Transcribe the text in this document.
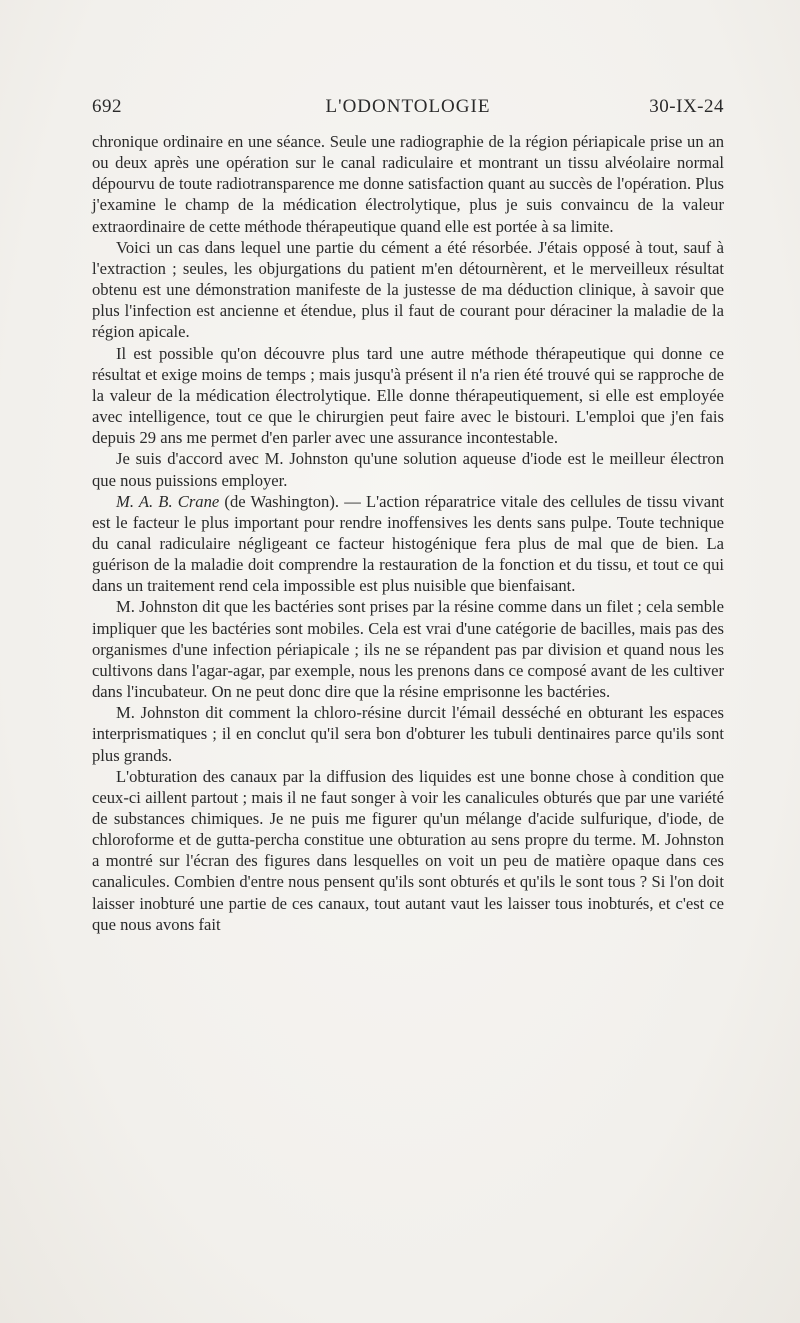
692	L'ODONTOLOGIE	30-IX-24

chronique ordinaire en une séance. Seule une radiographie de la région périapicale prise un an ou deux après une opération sur le canal radiculaire et montrant un tissu alvéolaire normal dépourvu de toute radiotransparence me donne satisfaction quant au succès de l'opération. Plus j'examine le champ de la médication électrolytique, plus je suis convaincu de la valeur extraordinaire de cette méthode thérapeutique quand elle est portée à sa limite.

Voici un cas dans lequel une partie du cément a été résorbée. J'étais opposé à tout, sauf à l'extraction ; seules, les objurgations du patient m'en détournèrent, et le merveilleux résultat obtenu est une démonstration manifeste de la justesse de ma déduction clinique, à savoir que plus l'infection est ancienne et étendue, plus il faut de courant pour déraciner la maladie de la région apicale.

Il est possible qu'on découvre plus tard une autre méthode thérapeutique qui donne ce résultat et exige moins de temps ; mais jusqu'à présent il n'a rien été trouvé qui se rapproche de la valeur de la médication électrolytique. Elle donne thérapeutiquement, si elle est employée avec intelligence, tout ce que le chirurgien peut faire avec le bistouri. L'emploi que j'en fais depuis 29 ans me permet d'en parler avec une assurance incontestable.

Je suis d'accord avec M. Johnston qu'une solution aqueuse d'iode est le meilleur électron que nous puissions employer.

M. A. B. Crane (de Washington). — L'action réparatrice vitale des cellules de tissu vivant est le facteur le plus important pour rendre inoffensives les dents sans pulpe. Toute technique du canal radiculaire négligeant ce facteur histogénique fera plus de mal que de bien. La guérison de la maladie doit comprendre la restauration de la fonction et du tissu, et tout ce qui dans un traitement rend cela impossible est plus nuisible que bienfaisant.

M. Johnston dit que les bactéries sont prises par la résine comme dans un filet ; cela semble impliquer que les bactéries sont mobiles. Cela est vrai d'une catégorie de bacilles, mais pas des organismes d'une infection périapicale ; ils ne se répandent pas par division et quand nous les cultivons dans l'agar-agar, par exemple, nous les prenons dans ce composé avant de les cultiver dans l'incubateur. On ne peut donc dire que la résine emprisonne les bactéries.

M. Johnston dit comment la chloro-résine durcit l'émail desséché en obturant les espaces interprismatiques ; il en conclut qu'il sera bon d'obturer les tubuli dentinaires parce qu'ils sont plus grands.

L'obturation des canaux par la diffusion des liquides est une bonne chose à condition que ceux-ci aillent partout ; mais il ne faut songer à voir les canalicules obturés que par une variété de substances chimiques. Je ne puis me figurer qu'un mélange d'acide sulfurique, d'iode, de chloroforme et de gutta-percha constitue une obturation au sens propre du terme. M. Johnston a montré sur l'écran des figures dans lesquelles on voit un peu de matière opaque dans ces canalicules. Combien d'entre nous pensent qu'ils sont obturés et qu'ils le sont tous ? Si l'on doit laisser inobturé une partie de ces canaux, tout autant vaut les laisser tous inobturés, et c'est ce que nous avons fait
